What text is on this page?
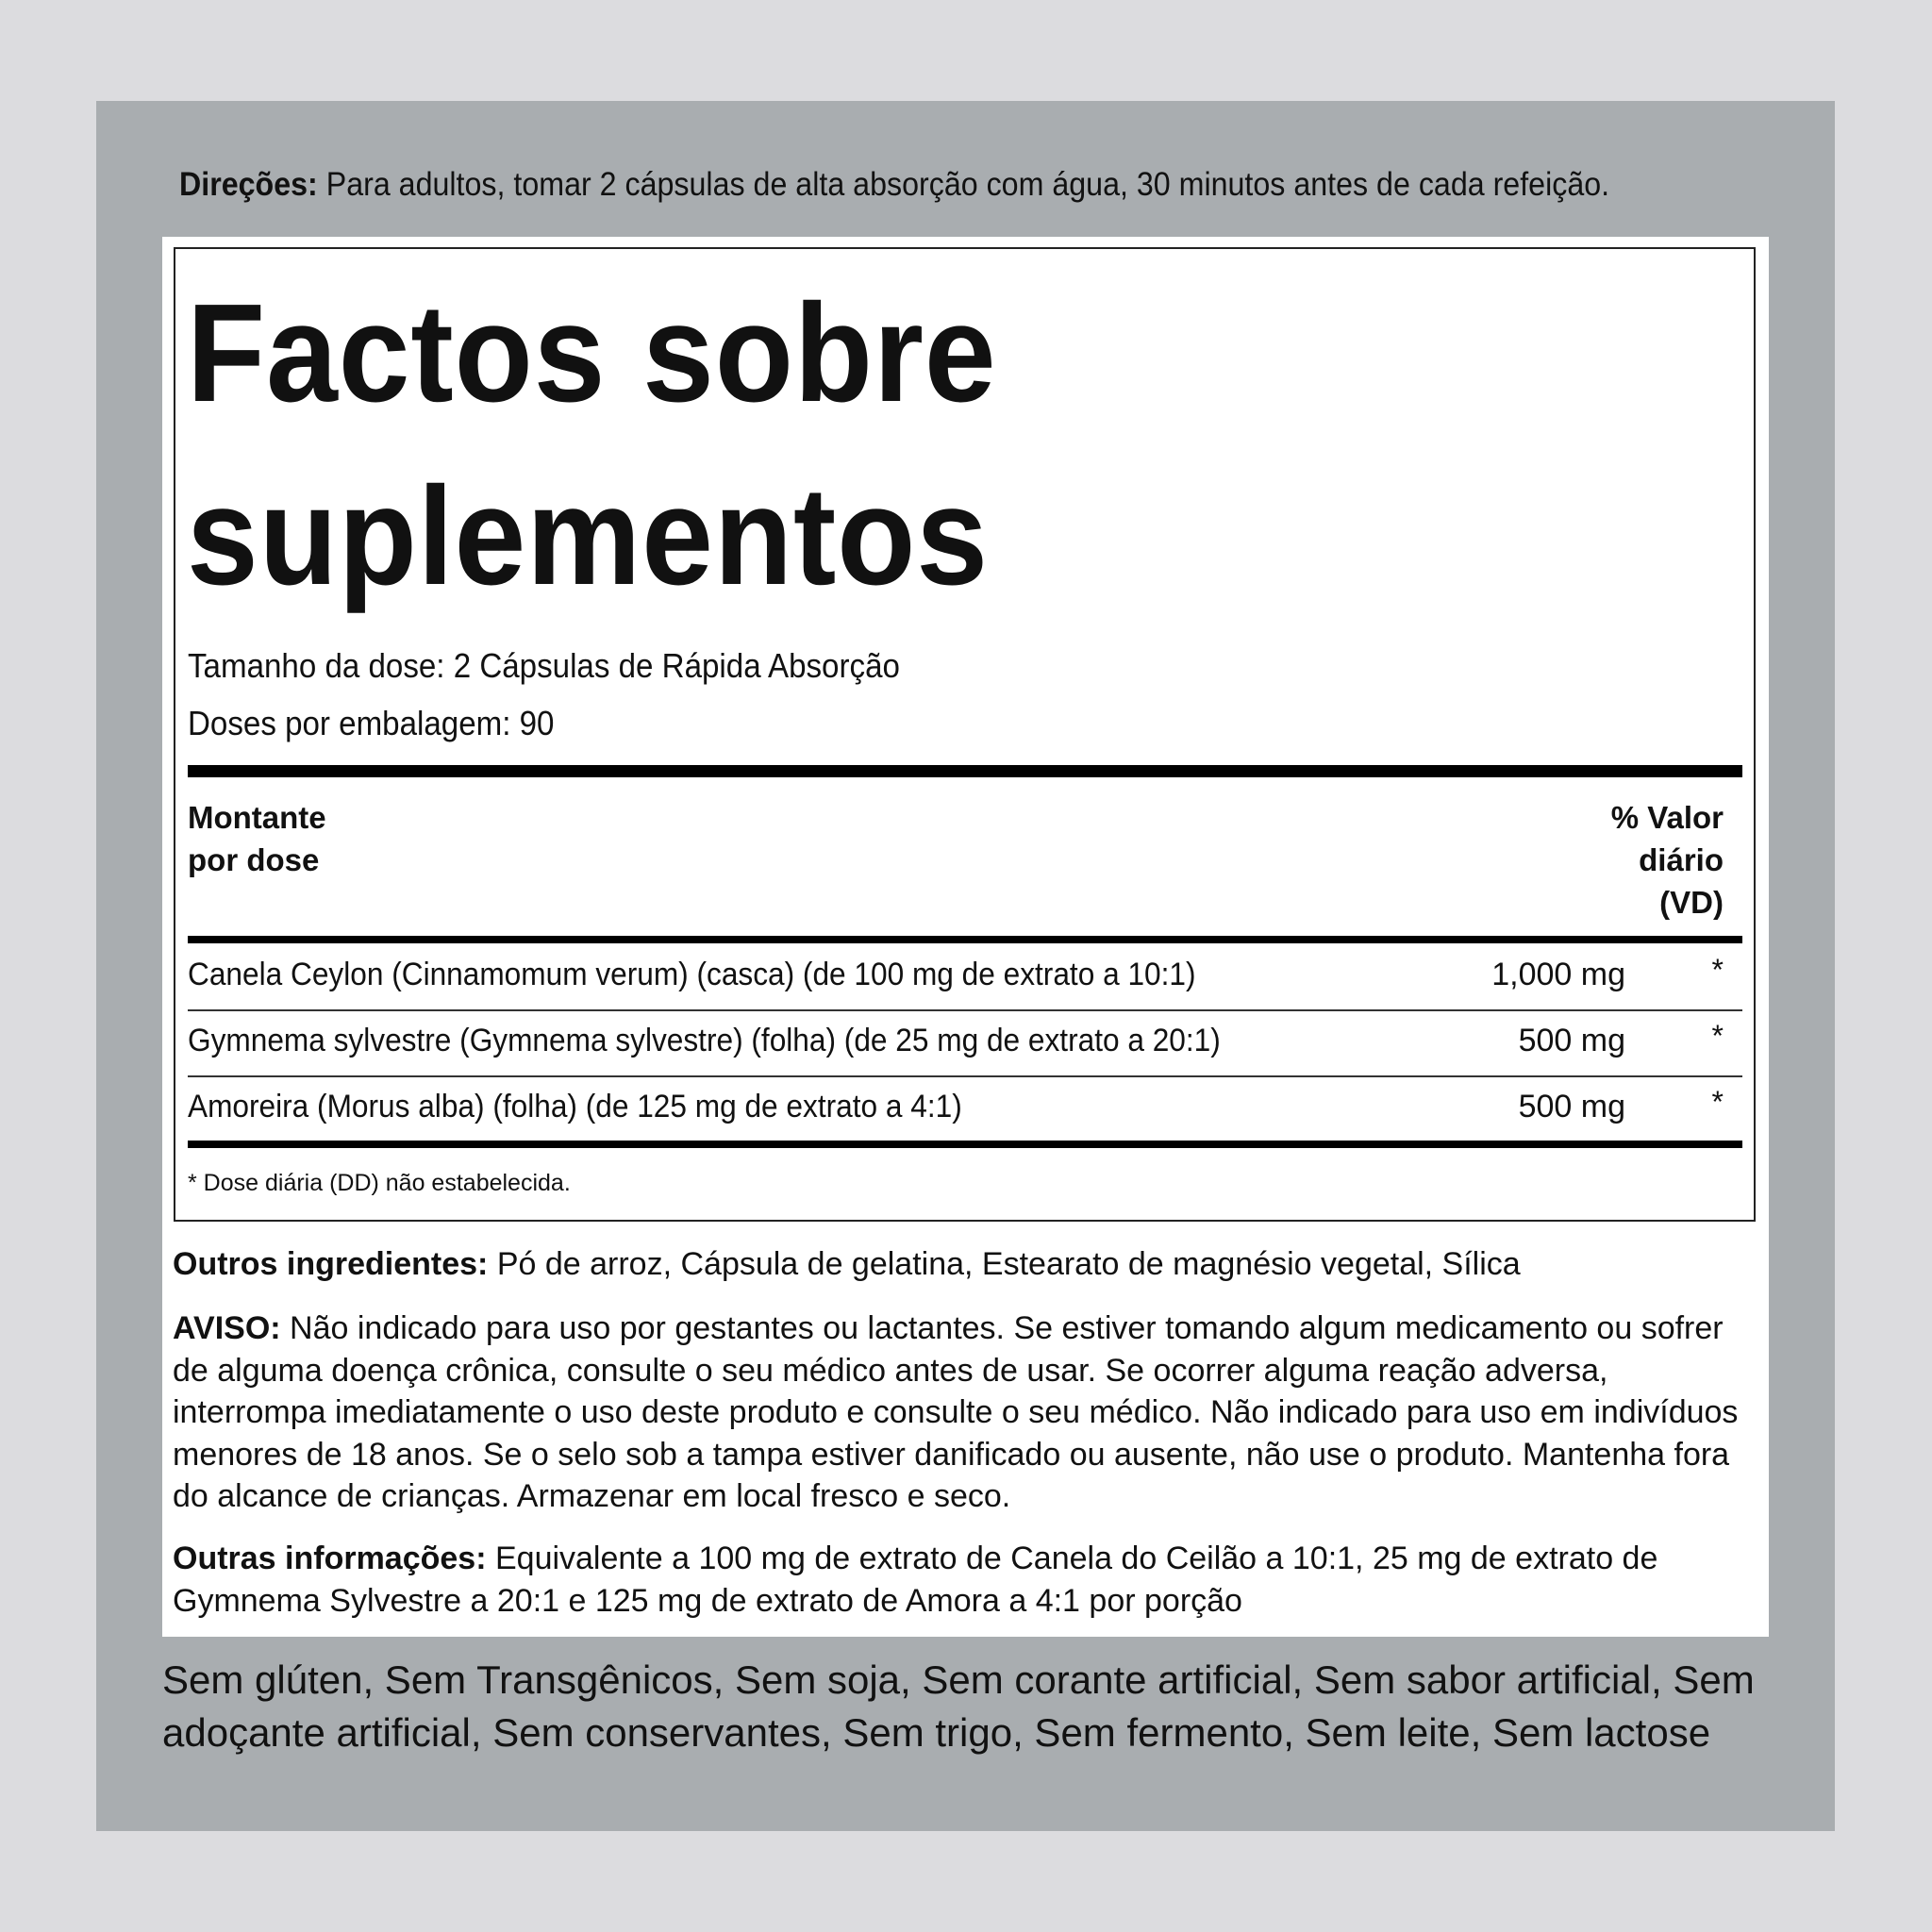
Direções: Para adultos, tomar 2 cápsulas de alta absorção com água, 30 minutos antes de cada refeição.
Factos sobre
suplementos
Tamanho da dose: 2 Cápsulas de Rápida Absorção
Doses por embalagem: 90
Montante
por dose
% Valor
diário
(VD)
Canela Ceylon (Cinnamomum verum) (casca) (de 100 mg de extrato a 10:1)	1,000 mg	*
Gymnema sylvestre (Gymnema sylvestre) (folha) (de 25 mg de extrato a 20:1)	500 mg	*
Amoreira (Morus alba) (folha) (de 125 mg de extrato a 4:1)	500 mg	*
* Dose diária (DD) não estabelecida.
Outros ingredientes: Pó de arroz, Cápsula de gelatina, Estearato de magnésio vegetal, Sílica
AVISO: Não indicado para uso por gestantes ou lactantes. Se estiver tomando algum medicamento ou sofrer de alguma doença crônica, consulte o seu médico antes de usar. Se ocorrer alguma reação adversa, interrompa imediatamente o uso deste produto e consulte o seu médico. Não indicado para uso em indivíduos menores de 18 anos. Se o selo sob a tampa estiver danificado ou ausente, não use o produto. Mantenha fora do alcance de crianças. Armazenar em local fresco e seco.
Outras informações: Equivalente a 100 mg de extrato de Canela do Ceilão a 10:1, 25 mg de extrato de Gymnema Sylvestre a 20:1 e 125 mg de extrato de Amora a 4:1 por porção
Sem glúten, Sem Transgênicos, Sem soja, Sem corante artificial, Sem sabor artificial, Sem adoçante artificial, Sem conservantes, Sem trigo, Sem fermento, Sem leite, Sem lactose
